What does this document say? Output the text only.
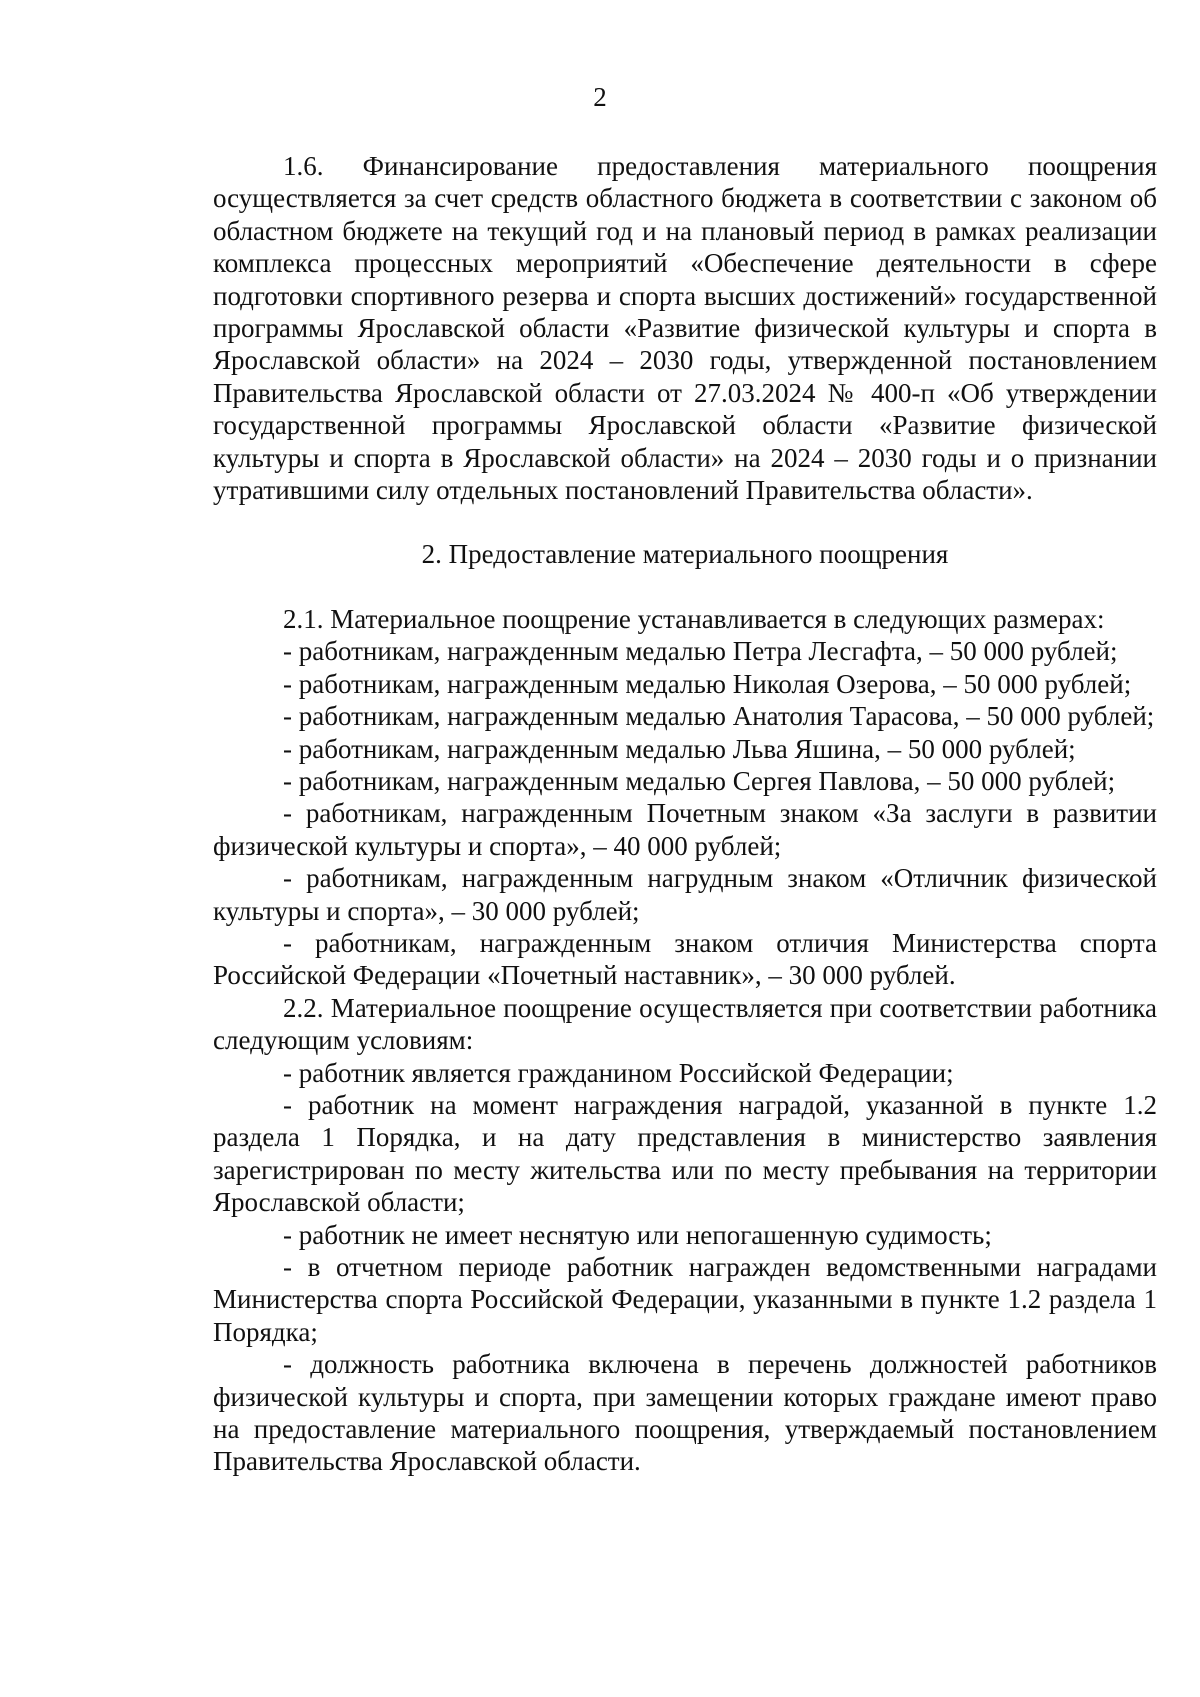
2

1.6. Финансирование предоставления материального поощрения осуществляется за счет средств областного бюджета в соответствии с законом об областном бюджете на текущий год и на плановый период в рамках реализации комплекса процессных мероприятий «Обеспечение деятельности в сфере подготовки спортивного резерва и спорта высших достижений» государственной программы Ярославской области «Развитие физической культуры и спорта в Ярославской области» на 2024 – 2030 годы, утвержденной постановлением Правительства Ярославской области от 27.03.2024 № 400-п «Об утверждении государственной программы Ярославской области «Развитие физической культуры и спорта в Ярославской области» на 2024 – 2030 годы и о признании утратившими силу отдельных постановлений Правительства области».

2. Предоставление материального поощрения

2.1. Материальное поощрение устанавливается в следующих размерах:

- работникам, награжденным медалью Петра Лесгафта, – 50 000 рублей;

- работникам, награжденным медалью Николая Озерова, – 50 000 рублей;

- работникам, награжденным медалью Анатолия Тарасова, – 50 000 рублей;

- работникам, награжденным медалью Льва Яшина, – 50 000 рублей;

- работникам, награжденным медалью Сергея Павлова, – 50 000 рублей;

- работникам, награжденным Почетным знаком «За заслуги в развитии физической культуры и спорта», – 40 000 рублей;

- работникам, награжденным нагрудным знаком «Отличник физической культуры и спорта», – 30 000 рублей;

- работникам, награжденным знаком отличия Министерства спорта Российской Федерации «Почетный наставник», – 30 000 рублей.

2.2. Материальное поощрение осуществляется при соответствии работника следующим условиям:

- работник является гражданином Российской Федерации;

- работник на момент награждения наградой, указанной в пункте 1.2 раздела 1 Порядка, и на дату представления в министерство заявления зарегистрирован по месту жительства или по месту пребывания на территории Ярославской области;

- работник не имеет неснятую или непогашенную судимость;

- в отчетном периоде работник награжден ведомственными наградами Министерства спорта Российской Федерации, указанными в пункте 1.2 раздела 1 Порядка;

- должность работника включена в перечень должностей работников физической культуры и спорта, при замещении которых граждане имеют право на предоставление материального поощрения, утверждаемый постановлением Правительства Ярославской области.
